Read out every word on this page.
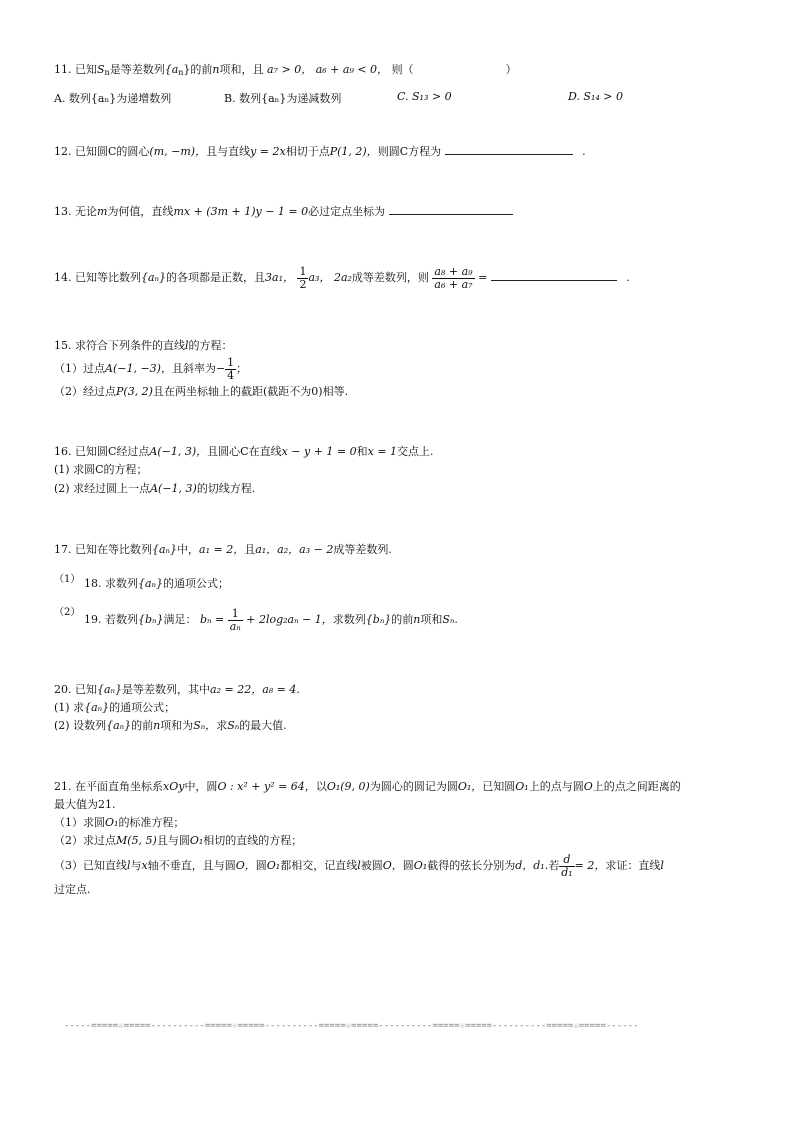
11. 已知$S_n$是等差数列$\{a_n\}$的前n项和，且 a₇ > 0， a₆ + a₉ < 0， 则（	）
A. 数列{aₙ}为递增数列	B. 数列{aₙ}为递减数列	C. S₁₃ > 0	D. S₁₄ > 0
12. 已知圆C的圆心(m, −m)，且与直线y = 2x相切于点P(1, 2)，则圆C方程为	.
13. 无论m为何值，直线mx + (3m + 1)y − 1 = 0必过定点坐标为
14. 已知等比数列{aₙ}的各项都是正数，且3a₁， $\frac{1}{2} a_3$， 2a₂成等差数列，则 $\frac{\text{a₈ + a₉}}{\text{a₆ + a₇}}$ =	.
15. 求符合下列条件的直线l的方程：
（1）过点A(−1, −3)，且斜率为− $\frac{1}{4}$ ；
（2）经过点P(3, 2)且在两坐标轴上的截距(截距不为0)相等.
16. 已知圆C经过点A(−1, 3)，且圆心C在直线x − y + 1 = 0和x = 1交点上.
(1) 求圆C的方程；
(2) 求经过圆上一点A(−1, 3)的切线方程.
17. 已知在等比数列{aₙ}中，a₁ = 2，且a₁，a₂，a₃ − 2成等差数列.
（1） 18. 求数列{aₙ}的通项公式；
（2）
19. 若数列{bₙ}满足： $b_n = \frac{1}{\text{aₙ}} + 2\log_2a_n - 1$，求数列{bₙ}的前n项和Sₙ.
20. 已知{aₙ}是等差数列，其中a₂ = 22，a₈ = 4.
(1) 求{aₙ}的通项公式；
(2) 设数列{aₙ}的前n项和为Sₙ，求Sₙ的最大值.
21. 在平面直角坐标系xOy中，圆O : x² + y² = 64，以O₁(9, 0)为圆心的圆记为圆O₁，已知圆O₁上的点与圆O上的点之间距离的
最大值为21.
（1）求圆O₁的标准方程；
（2）求过点M(5, 5)且与圆O₁相切的直线的方程；
（3）已知直线l与x轴不垂直，且与圆O，圆O₁都相交，记直线l被圆O，圆O₁截得的弦长分别为d，d₁.若 $\frac{d}{\text{d₁}} = 2$，求证：直线l
过定点.
-----=====☆=====----------=====☆=====----------=====☆=====----------=====☆=====----------=====☆=====------
